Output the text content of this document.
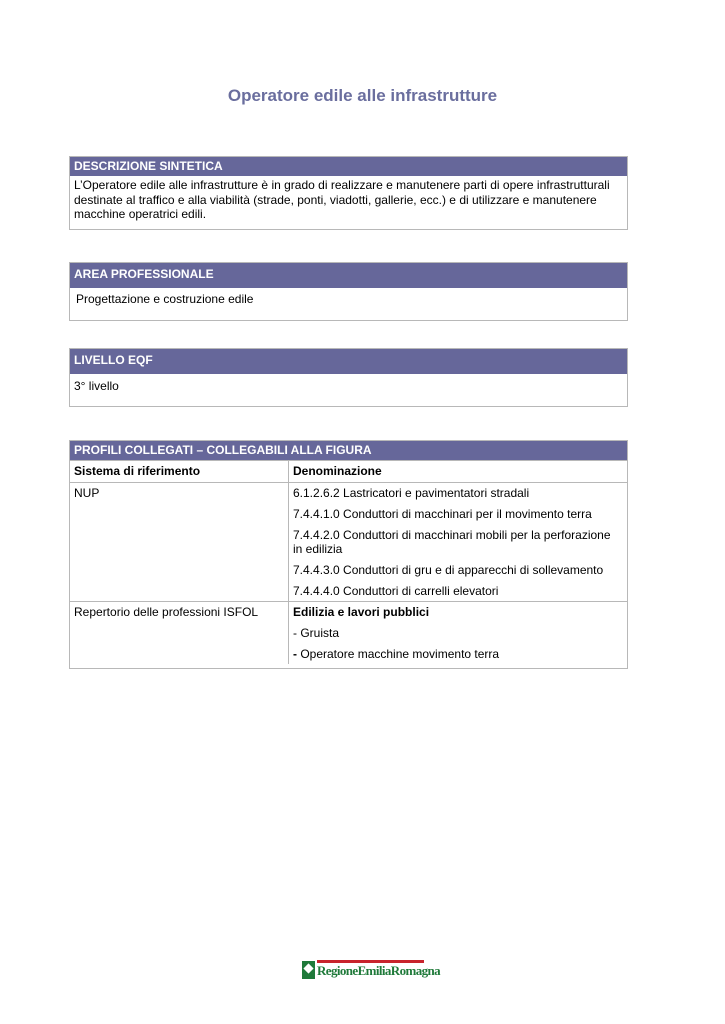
Operatore edile alle infrastrutture
DESCRIZIONE SINTETICA
L’Operatore edile alle infrastrutture è in grado di realizzare e manutenere parti di opere infrastrutturali destinate al traffico e alla viabilità (strade, ponti, viadotti, gallerie, ecc.) e di utilizzare e manutenere macchine operatrici edili.
AREA PROFESSIONALE
Progettazione e costruzione edile
LIVELLO EQF
3° livello
PROFILI COLLEGATI – COLLEGABILI ALLA FIGURA
Sistema di riferimento	Denominazione
NUP	6.1.2.6.2 Lastricatori e pavimentatori stradali

7.4.4.1.0 Conduttori di macchinari per il movimento terra

7.4.4.2.0 Conduttori di macchinari mobili per la perforazione in edilizia

7.4.4.3.0 Conduttori di gru e di apparecchi di sollevamento

7.4.4.4.0 Conduttori di carrelli elevatori

Repertorio delle professioni ISFOL	Edilizia e lavori pubblici

- Gruista

- Operatore macchine movimento terra

RegioneEmiliaRomagna
